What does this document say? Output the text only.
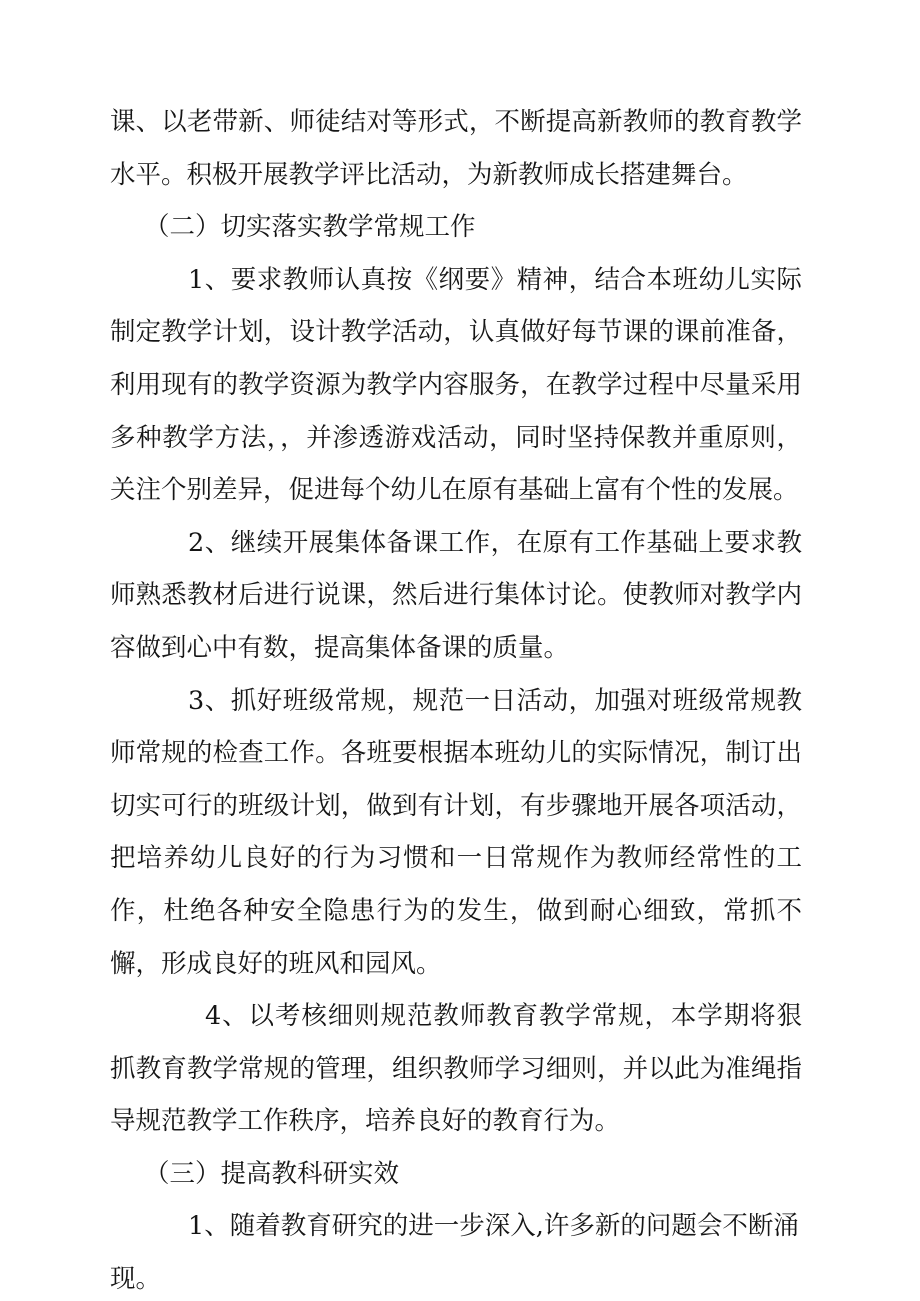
课、以老带新、师徒结对等形式，不断提高新教师的教育教学水平。积极开展教学评比活动，为新教师成长搭建舞台。

（二）切实落实教学常规工作

1、要求教师认真按《纲要》精神，结合本班幼儿实际制定教学计划，设计教学活动，认真做好每节课的课前准备，利用现有的教学资源为教学内容服务，在教学过程中尽量采用多种教学方法，，并渗透游戏活动，同时坚持保教并重原则，关注个别差异，促进每个幼儿在原有基础上富有个性的发展。

2、继续开展集体备课工作，在原有工作基础上要求教师熟悉教材后进行说课，然后进行集体讨论。使教师对教学内容做到心中有数，提高集体备课的质量。

3、抓好班级常规，规范一日活动，加强对班级常规教师常规的检查工作。各班要根据本班幼儿的实际情况，制订出切实可行的班级计划，做到有计划，有步骤地开展各项活动，把培养幼儿良好的行为习惯和一日常规作为教师经常性的工作，杜绝各种安全隐患行为的发生，做到耐心细致，常抓不懈，形成良好的班风和园风。

4、以考核细则规范教师教育教学常规，本学期将狠抓教育教学常规的管理，组织教师学习细则，并以此为准绳指导规范教学工作秩序，培养良好的教育行为。

（三）提高教科研实效

1、随着教育研究的进一步深入,许多新的问题会不断涌现。
